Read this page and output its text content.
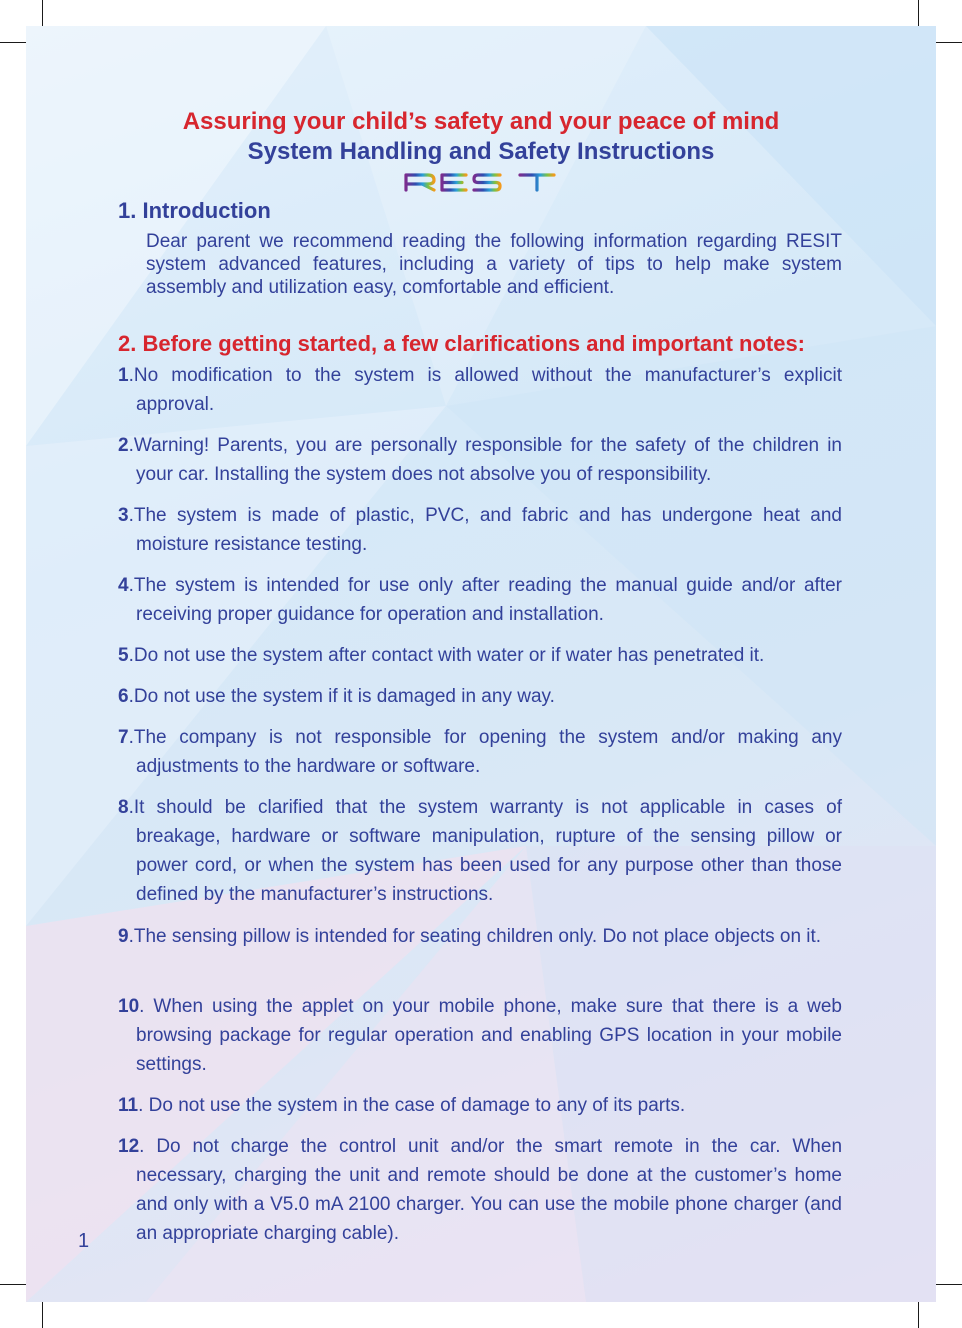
Assuring your child’s safety and your peace of mind
System Handling and Safety Instructions
1. Introduction
Dear parent we recommend reading the following information regarding RESIT system advanced features, including a variety of tips to help make system assembly and utilization easy, comfortable and efficient.
2. Before getting started, a few clarifications and important notes:
1.No modification to the system is allowed without the manufacturer’s explicit approval.
2.Warning! Parents, you are personally responsible for the safety of the children in your car. Installing the system does not absolve you of responsibility.
3.The system is made of plastic, PVC, and fabric and has undergone heat and moisture resistance testing.
4.The system is intended for use only after reading the manual guide and/or after receiving proper guidance for operation and installation.
5.Do not use the system after contact with water or if water has penetrated it.
6.Do not use the system if it is damaged in any way.
7.The company is not responsible for opening the system and/or making any adjustments to the hardware or software.
8.It should be clarified that the system warranty is not applicable in cases of breakage, hardware or software manipulation, rupture of the sensing pillow or power cord, or when the system has been used for any purpose other than those defined by the manufacturer’s instructions.
9.The sensing pillow is intended for seating children only. Do not place objects on it.
10. When using the applet on your mobile phone, make sure that there is a web browsing package for regular operation and enabling GPS location in your mobile settings.
11. Do not use the system in the case of damage to any of its parts.
12. Do not charge the control unit and/or the smart remote in the car. When necessary, charging the unit and remote should be done at the customer’s home and only with a V5.0 mA 2100 charger. You can use the mobile phone charger (and an appropriate charging cable).
1
